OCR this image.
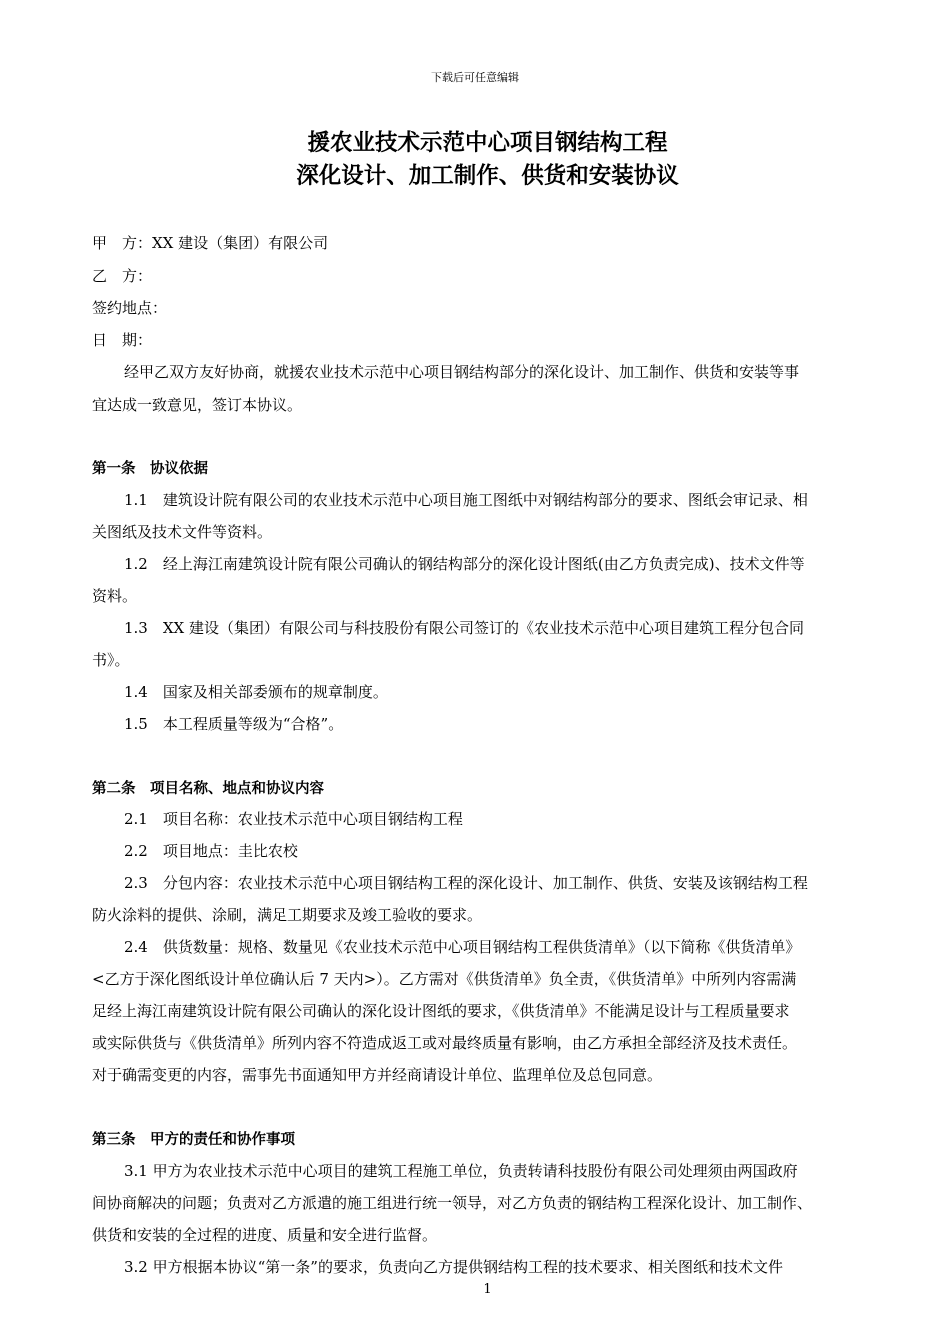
下载后可任意编辑
援农业技术示范中心项目钢结构工程
深化设计、加工制作、供货和安装协议
甲　方：XX 建设（集团）有限公司
乙　方：
签约地点：
日　期：
经甲乙双方友好协商，就援农业技术示范中心项目钢结构部分的深化设计、加工制作、供货和安装等事
宜达成一致意见，签订本协议。
第一条　协议依据
1.1　建筑设计院有限公司的农业技术示范中心项目施工图纸中对钢结构部分的要求、图纸会审记录、相
关图纸及技术文件等资料。
1.2　经上海江南建筑设计院有限公司确认的钢结构部分的深化设计图纸(由乙方负责完成)、技术文件等
资料。
1.3　XX 建设（集团）有限公司与科技股份有限公司签订的《农业技术示范中心项目建筑工程分包合同
书》。
1.4　国家及相关部委颁布的规章制度。
1.5　本工程质量等级为“合格”。
第二条　项目名称、地点和协议内容
2.1　项目名称：农业技术示范中心项目钢结构工程
2.2　项目地点：圭比农校
2.3　分包内容：农业技术示范中心项目钢结构工程的深化设计、加工制作、供货、安装及该钢结构工程
防火涂料的提供、涂刷，满足工期要求及竣工验收的要求。
2.4　供货数量：规格、数量见《农业技术示范中心项目钢结构工程供货清单》（以下简称《供货清单》
<乙方于深化图纸设计单位确认后 7 天内>）。乙方需对《供货清单》负全责，《供货清单》中所列内容需满
足经上海江南建筑设计院有限公司确认的深化设计图纸的要求，《供货清单》不能满足设计与工程质量要求
或实际供货与《供货清单》所列内容不符造成返工或对最终质量有影响，由乙方承担全部经济及技术责任。
对于确需变更的内容，需事先书面通知甲方并经商请设计单位、监理单位及总包同意。
第三条　甲方的责任和协作事项
3.1 甲方为农业技术示范中心项目的建筑工程施工单位，负责转请科技股份有限公司处理须由两国政府
间协商解决的问题；负责对乙方派遣的施工组进行统一领导，对乙方负责的钢结构工程深化设计、加工制作、
供货和安装的全过程的进度、质量和安全进行监督。
3.2 甲方根据本协议“第一条”的要求，负责向乙方提供钢结构工程的技术要求、相关图纸和技术文件
1
